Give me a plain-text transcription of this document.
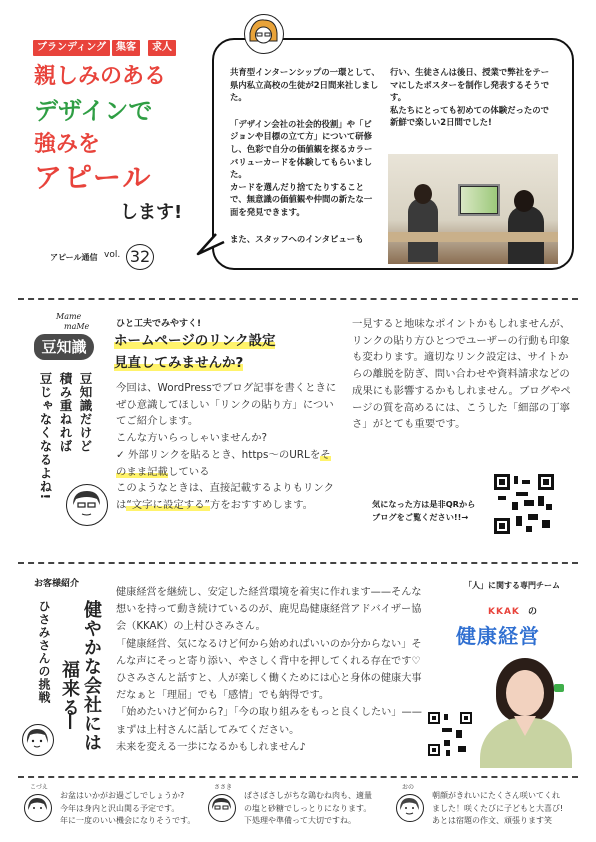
ブランディング	集客	求人
親しみのある
デザインで
強みを
アピール
します!
アピール通信 vol. 32

共育型インターンシップの一環として、県内私立高校の生徒が2日間来社しました。

「デザイン会社の社会的役割」や「ビジョンや目標の立て方」について研修し、色彩で自分の価値観を探るカラーバリューカードを体験してもらいました。

カードを選んだり捨てたりすることで、無意識の価値観や仲間の新たな一面を発見できます。

また、スタッフへのインタビューも

行い、生徒さんは後日、授業で弊社をテーマにしたポスターを制作し発表するそうです。

私たちにとっても初めての体験だったので新鮮で楽しい2日間でした!

Mame
maMe
豆知識
豆知識だけど
積み重ねれば
豆じゃなくなるよね!
ひと工夫でみやすく!
ホームページのリンク設定
見直してみませんか?
今回は、WordPressでブログ記事を書くときにぜひ意識してほしい「リンクの貼り方」についてご紹介します。
こんな方いらっしゃいませんか?
✓ 外部リンクを貼るとき、https〜のURLをそのまま記載している
このようなときは、直接記載するよりもリンクは“文字に設定する”方をおすすめします。
一見すると地味なポイントかもしれませんが、リンクの貼り方ひとつでユーザーの行動も印象も変わります。適切なリンク設定は、サイトからの離脱を防ぎ、問い合わせや資料請求などの成果にも影響するかもしれません。ブログやページの質を高めるには、こうした「細部の丁寧さ」がとても重要です。
気になった方は是非QRから
ブログをご覧ください!!→
お客様紹介
ひさみさんの挑戦 健やかな会社には
福来る
—
健康経営を継続し、安定した経営環境を着実に作れます——そんな想いを持って動き続けているのが、鹿児島健康経営アドバイザー協会（KKAK）の上村ひさみさん。
「健康経営、気になるけど何から始めればいいのか分からない」そんな声にそっと寄り添い、やさしく背中を押してくれる存在です♡
ひさみさんと話すと、人が楽しく働くためには心と身体の健康大事だなぁと「理屈」でも「感情」でも納得です。
「始めたいけど何から?」「今の取り組みをもっと良くしたい」——まずは上村さんに話してみてください。
未来を変える一歩になるかもしれません♪
「人」に関する専門チーム
KKAK の
健康経営
こづえ
お盆はいかがお過ごしでしょうか?
今年は身内と沢山関る予定です。
年に一度のいい機会になりそうです。
ささき
ぱさぱさしがちな鶏むね肉も、適量
の塩と砂糖でしっとりになります。
下処理や準備って大切ですね。
おの
朝顔がきれいにたくさん咲いてくれ
ました！咲くたびに子どもと大喜び!
あとは宿題の作文、頑張ります笑
